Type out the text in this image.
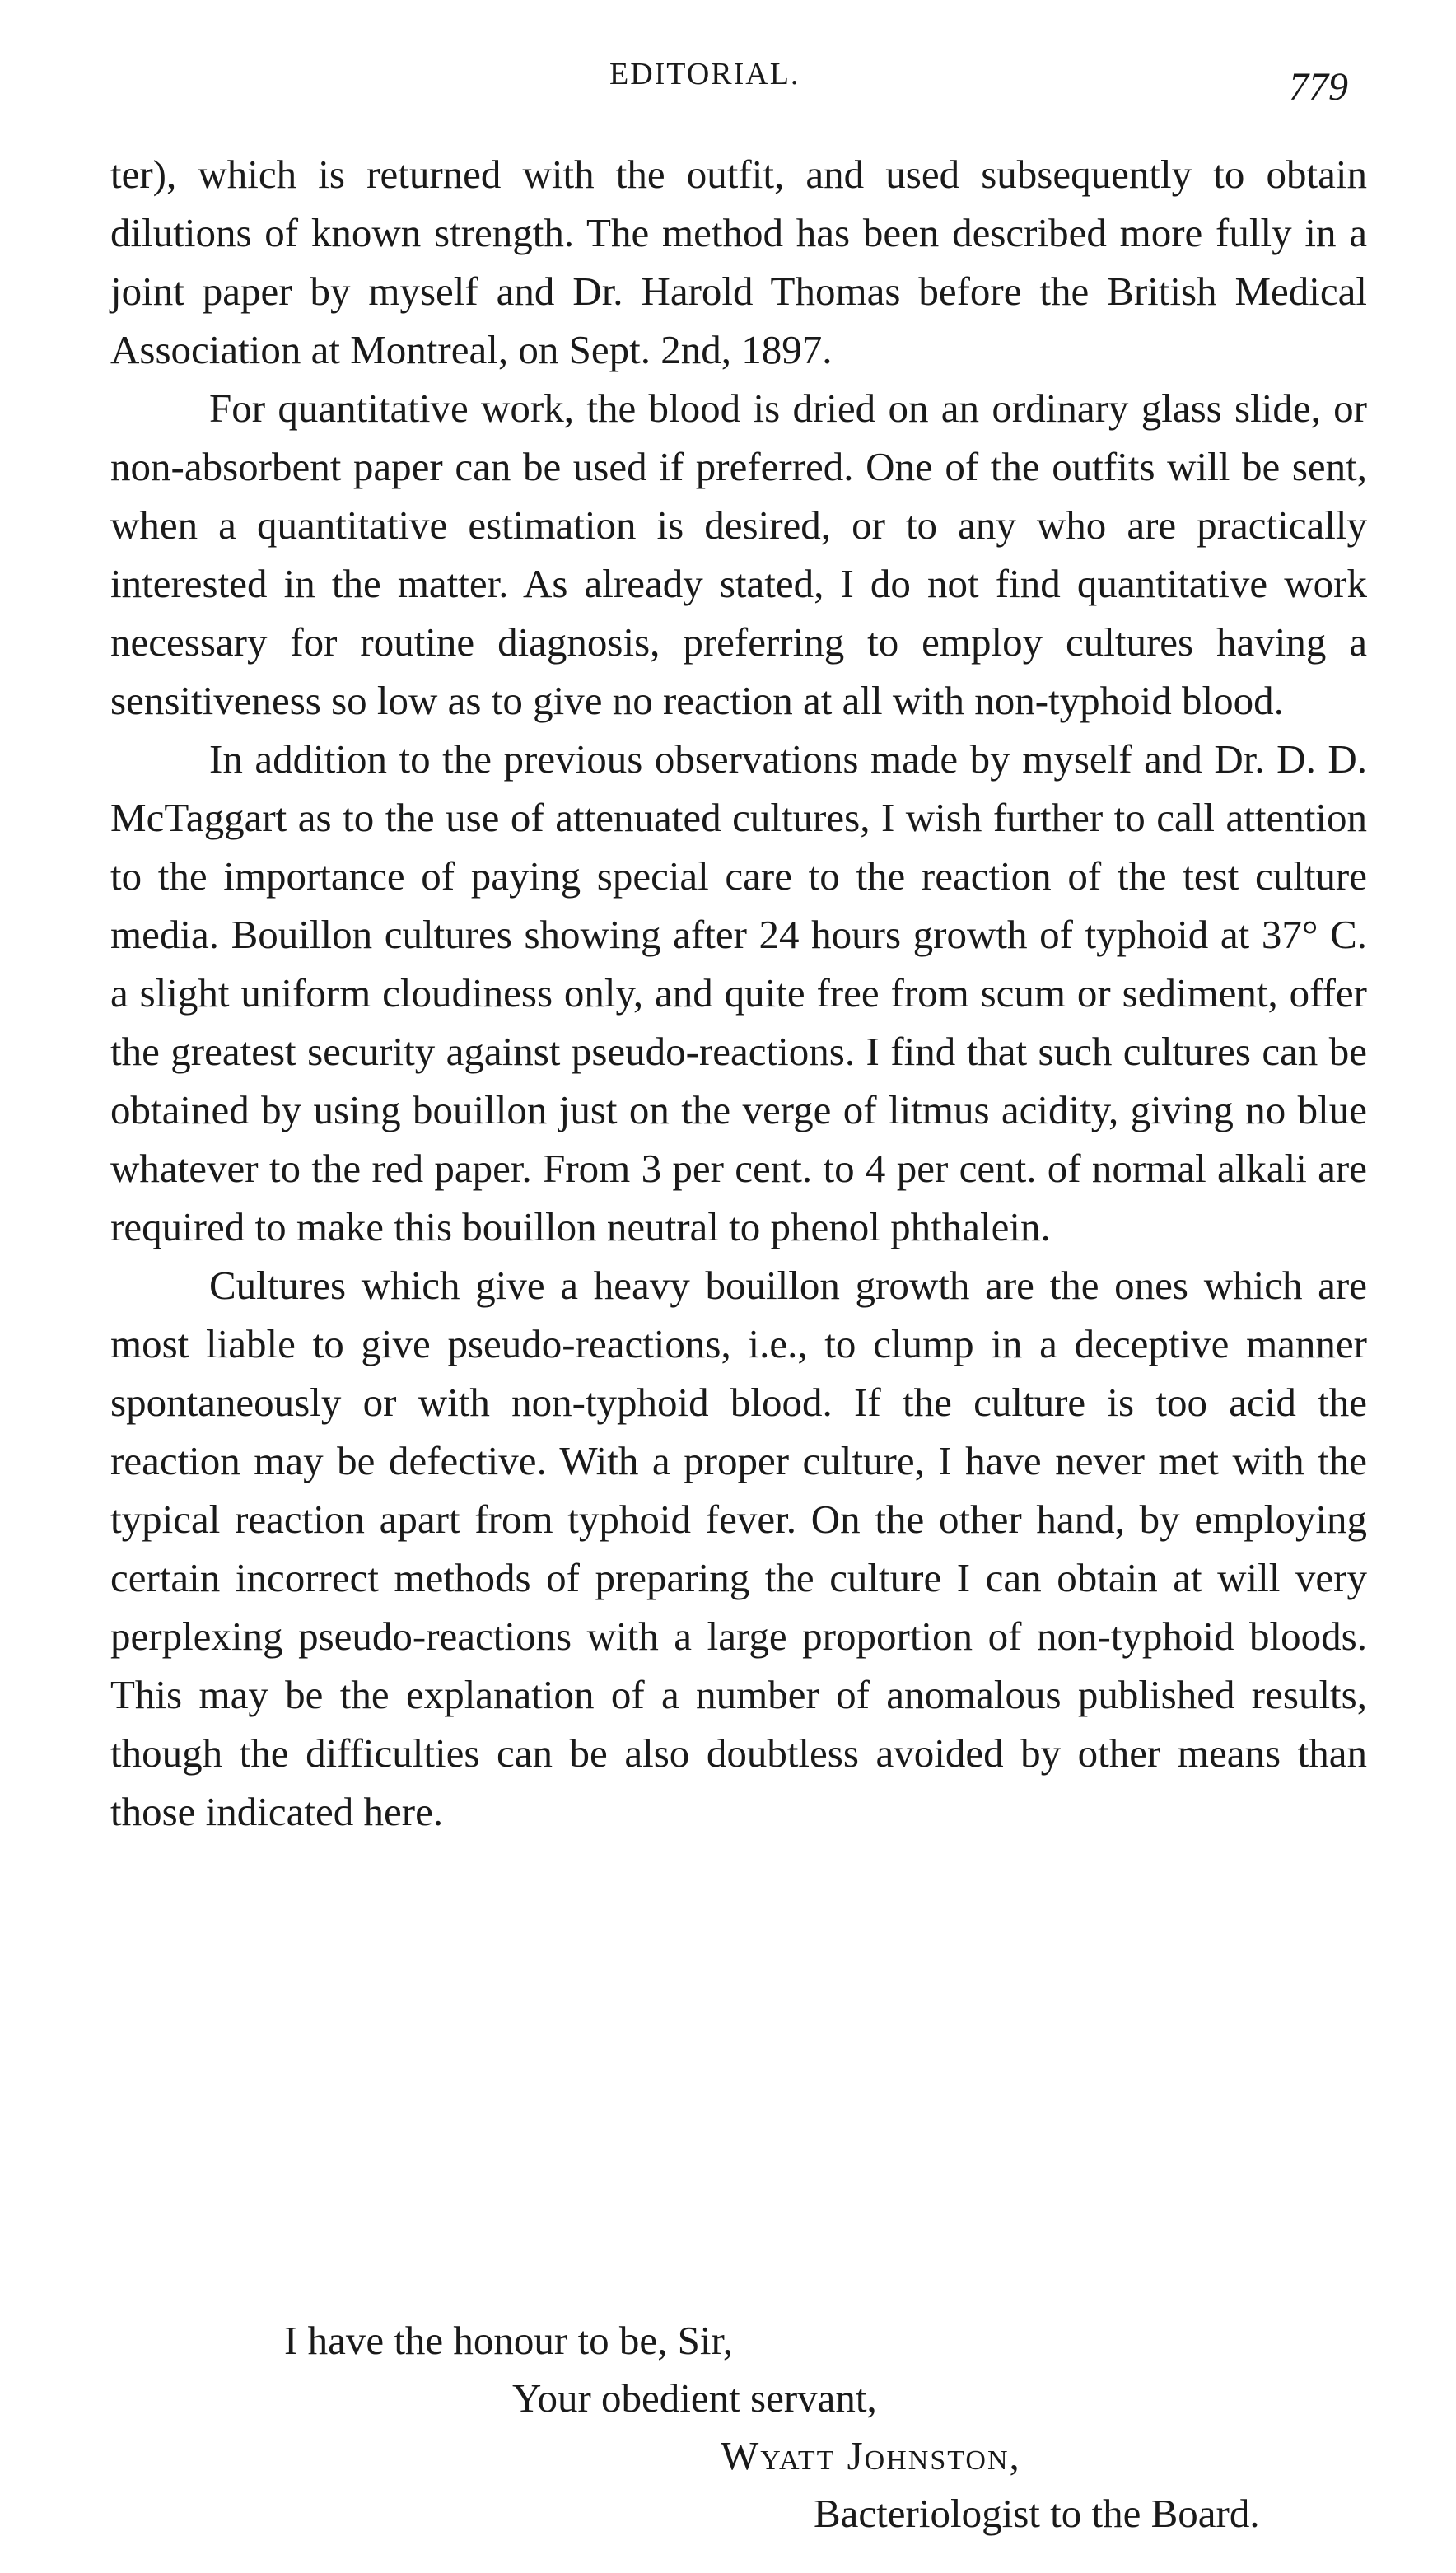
EDITORIAL.	779

ter), which is returned with the outfit, and used subsequently to obtain dilutions of known strength. The method has been described more fully in a joint paper by myself and Dr. Harold Thomas before the British Medical Association at Montreal, on Sept. 2nd, 1897.

For quantitative work, the blood is dried on an ordinary glass slide, or non-absorbent paper can be used if preferred. One of the outfits will be sent, when a quantitative estimation is desired, or to any who are practically interested in the matter. As already stated, I do not find quantitative work necessary for routine diagnosis, preferring to employ cultures having a sensitiveness so low as to give no reaction at all with non-typhoid blood.

In addition to the previous observations made by myself and Dr. D. D. McTaggart as to the use of attenuated cultures, I wish further to call attention to the importance of paying special care to the reaction of the test culture media. Bouillon cultures showing after 24 hours growth of typhoid at 37° C. a slight uniform cloudiness only, and quite free from scum or sediment, offer the greatest security against pseudo-reactions. I find that such cultures can be obtained by using bouillon just on the verge of litmus acidity, giving no blue whatever to the red paper. From 3 per cent. to 4 per cent. of normal alkali are required to make this bouillon neutral to phenol phthalein.

Cultures which give a heavy bouillon growth are the ones which are most liable to give pseudo-reactions, i.e., to clump in a deceptive manner spontaneously or with non-typhoid blood. If the culture is too acid the reaction may be defective. With a proper culture, I have never met with the typical reaction apart from typhoid fever. On the other hand, by employing certain incorrect methods of preparing the culture I can obtain at will very perplexing pseudo-reactions with a large proportion of non-typhoid bloods. This may be the explanation of a number of anomalous published results, though the difficulties can be also doubtless avoided by other means than those indicated here.

I have the honour to be, Sir,
Your obedient servant,
Wyatt Johnston,
Bacteriologist to the Board.
